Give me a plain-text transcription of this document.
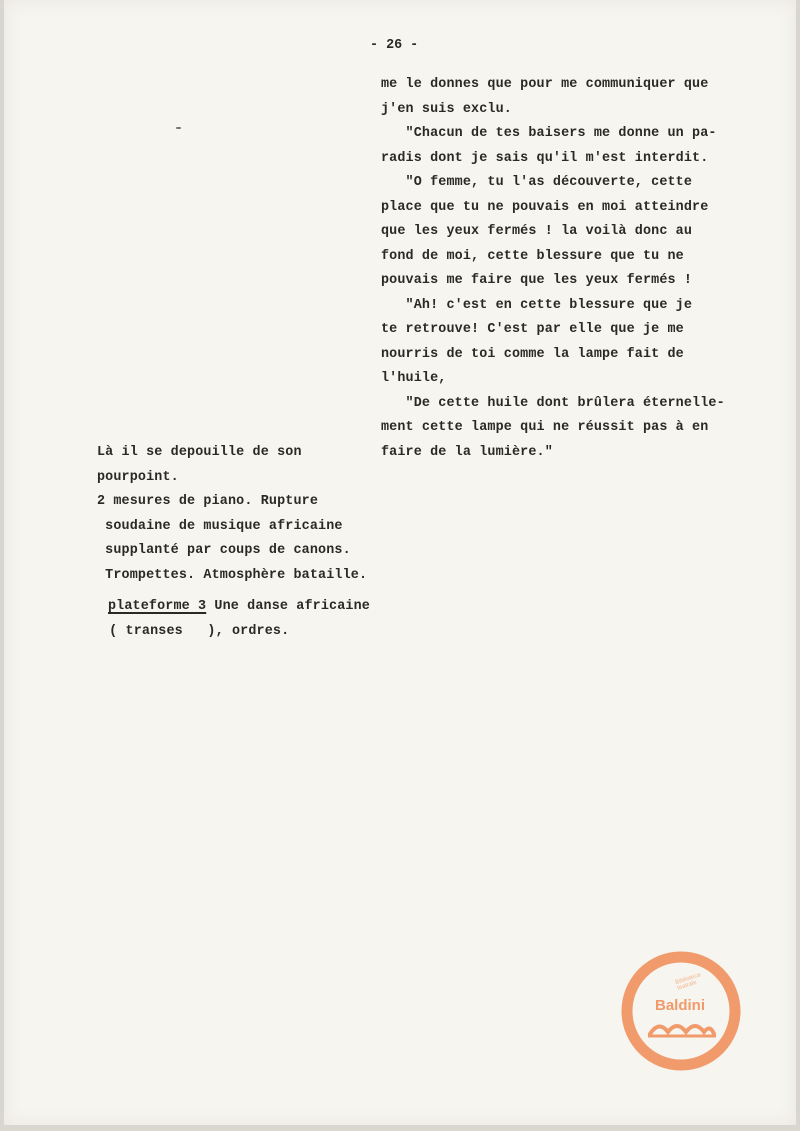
- 26 -
me le donnes que pour me communiquer que
j'en suis exclu.
"Chacun de tes baisers me donne un pa-
radis dont je sais qu'il m'est interdit.
"O femme, tu l'as découverte, cette
place que tu ne pouvais en moi atteindre
que les yeux fermés ! la voilà donc au
fond de moi, cette blessure que tu ne
pouvais me faire que les yeux fermés !
"Ah! c'est en cette blessure que je
te retrouve! C'est par elle que je me
nourris de toi comme la lampe fait de
l'huile,
"De cette huile dont brûlera éternelle-
ment cette lampe qui ne réussit pas à en
faire de la lumière."
Là il se depouille de son
pourpoint.
2 mesures de piano. Rupture
soudaine de musique africaine
supplanté par coups de canons.
Trompettes. Atmosphère bataille.
plateforme 3 Une danse africaine
( transes   ), ordres.
Biblioteca
teatrale
Baldini
